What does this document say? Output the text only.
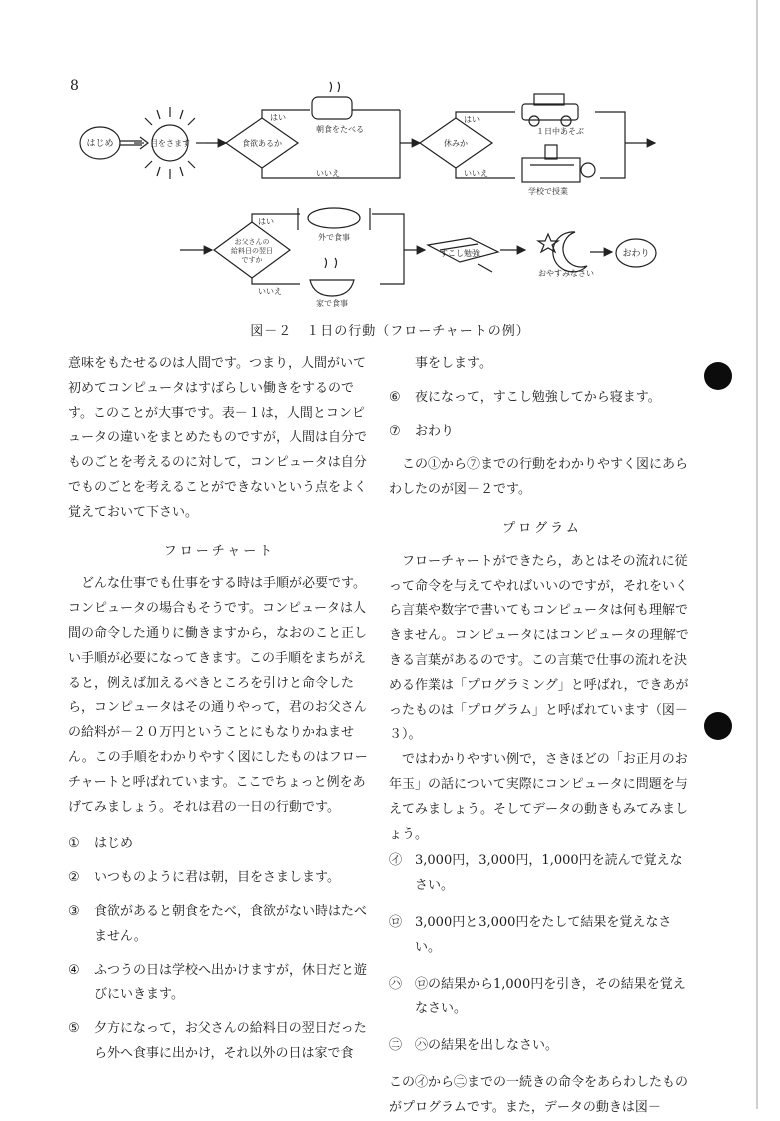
8
はじめ	目をさます	食欲あるか
はい
いいえ
朝食をたべる
休みか
はい
いいえ
１日中あそぶ
学校で授業
お父さんの
給料日の翌日
ですか
はい
いいえ
外で食事
家で食事
すこし勉強
おやすみなさい
おわり
図－２　１日の行動（フローチャートの例）

意味をもたせるのは人間です。つまり，人間がいて初めてコンピュータはすばらしい働きをするのです。このことが大事です。表－１は，人間とコンピュータの違いをまとめたものですが，人間は自分でものごとを考えるのに対して，コンピュータは自分でものごとを考えることができないという点をよく覚えておいて下さい。

フローチャート

どんな仕事でも仕事をする時は手順が必要です。コンピュータの場合もそうです。コンピュータは人間の命令した通りに働きますから，なおのこと正しい手順が必要になってきます。この手順をまちがえると，例えば加えるべきところを引けと命令したら，コンピュータはその通りやって，君のお父さんの給料が－２０万円ということにもなりかねません。この手順をわかりやすく図にしたものはフローチャートと呼ばれています。ここでちょっと例をあげてみましょう。それは君の一日の行動です。

①	はじめ
②	いつものように君は朝，目をさまします。
③	食欲があると朝食をたべ，食欲がない時はたべません。
④	ふつうの日は学校へ出かけますが，休日だと遊びにいきます。
⑤	夕方になって，お父さんの給料日の翌日だったら外へ食事に出かけ，それ以外の日は家で食
事をします。
⑥	夜になって，すこし勉強してから寝ます。
⑦	おわり

この①から⑦までの行動をわかりやすく図にあらわしたのが図－２です。

プログラム

フローチャートができたら，あとはその流れに従って命令を与えてやればいいのですが，それをいくら言葉や数字で書いてもコンピュータは何も理解できません。コンピュータにはコンピュータの理解できる言葉があるのです。この言葉で仕事の流れを決める作業は「プログラミング」と呼ばれ，できあがったものは「プログラム」と呼ばれています（図－３）。

ではわかりやすい例で，さきほどの「お正月のお年玉」の話について実際にコンピュータに問題を与えてみましょう。そしてデータの動きもみてみましょう。

㋑ 3,000円，3,000円，1,000円を読んで覚えなさい。
㋺ 3,000円と3,000円をたして結果を覚えなさい。
㋩ ㋺の結果から1,000円を引き，その結果を覚えなさい。
㊁ ㋩の結果を出しなさい。

この㋑から㊁までの一続きの命令をあらわしたものがプログラムです。また，データの動きは図－
